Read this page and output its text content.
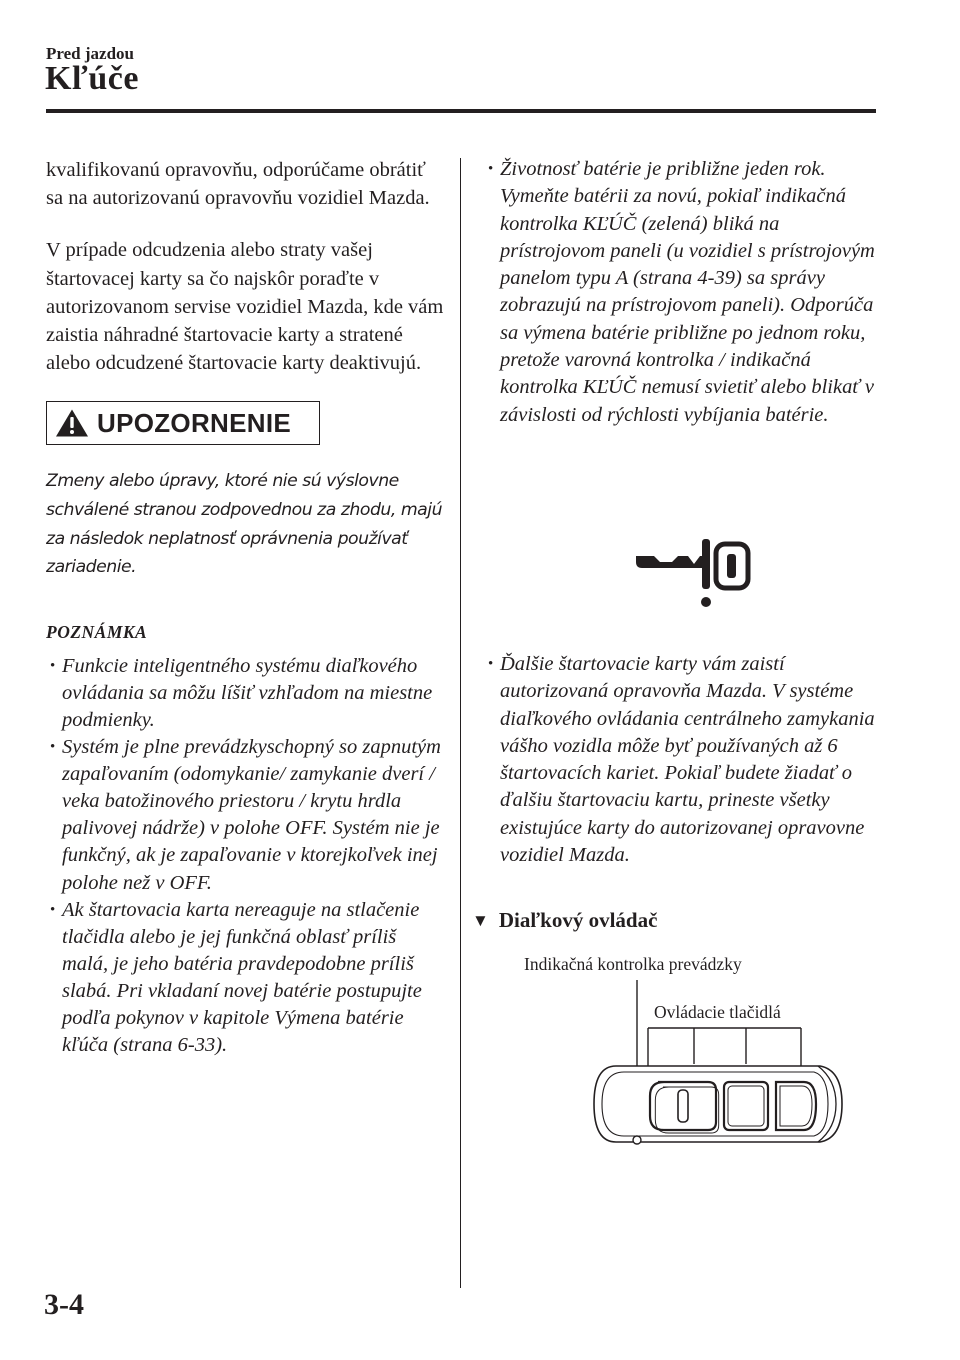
Pred jazdou
Kľúče

kvalifikovanú opravovňu, odporúčame obrátiť sa na autorizovanú opravovňu vozidiel Mazda.

V prípade odcudzenia alebo straty vašej štartovacej karty sa čo najskôr poraďte v autorizovanom servise vozidiel Mazda, kde vám zaistia náhradné štartovacie karty a stratené alebo odcudzené štartovacie karty deaktivujú.

UPOZORNENIE
Zmeny alebo úpravy, ktoré nie sú výslovne schválené stranou zodpovednou za zhodu, majú za následok neplatnosť oprávnenia používať zariadenie.
POZNÁMKA
• Funkcie inteligentného systému diaľkového ovládania sa môžu líšiť vzhľadom na miestne podmienky.
• Systém je plne prevádzkyschopný so zapnutým zapaľovaním (odomykanie/ zamykanie dverí / veka batožinového priestoru / krytu hrdla palivovej nádrže) v polohe OFF. Systém nie je funkčný, ak je zapaľovanie v ktorejkoľvek inej polohe než v OFF.
• Ak štartovacia karta nereaguje na stlačenie tlačidla alebo je jej funkčná oblasť príliš malá, je jeho batéria pravdepodobne príliš slabá. Pri vkladaní novej batérie postupujte podľa pokynov v kapitole Výmena batérie kľúča (strana 6-33).
• Životnosť batérie je približne jeden rok. Vymeňte batérii za novú, pokiaľ indikačná kontrolka KĽÚČ (zelená) bliká na prístrojovom paneli (u vozidiel s prístrojovým panelom typu A (strana 4-39) sa správy zobrazujú na prístrojovom paneli). Odporúča sa výmena batérie približne po jednom roku, pretože varovná kontrolka / indikačná kontrolka KĽÚČ nemusí svietiť alebo blikať v závislosti od rýchlosti vybíjania batérie.
• Ďalšie štartovacie karty vám zaistí autorizovaná opravovňa Mazda. V systéme diaľkového ovládania centrálneho zamykania vášho vozidla môže byť používaných až 6 štartovacích kariet. Pokiaľ budete žiadať o ďalšiu štartovaciu kartu, prineste všetky existujúce karty do autorizovanej opravovne vozidiel Mazda.
▼ Diaľkový ovládač
Indikačná kontrolka prevádzky
Ovládacie tlačidlá
3-4
